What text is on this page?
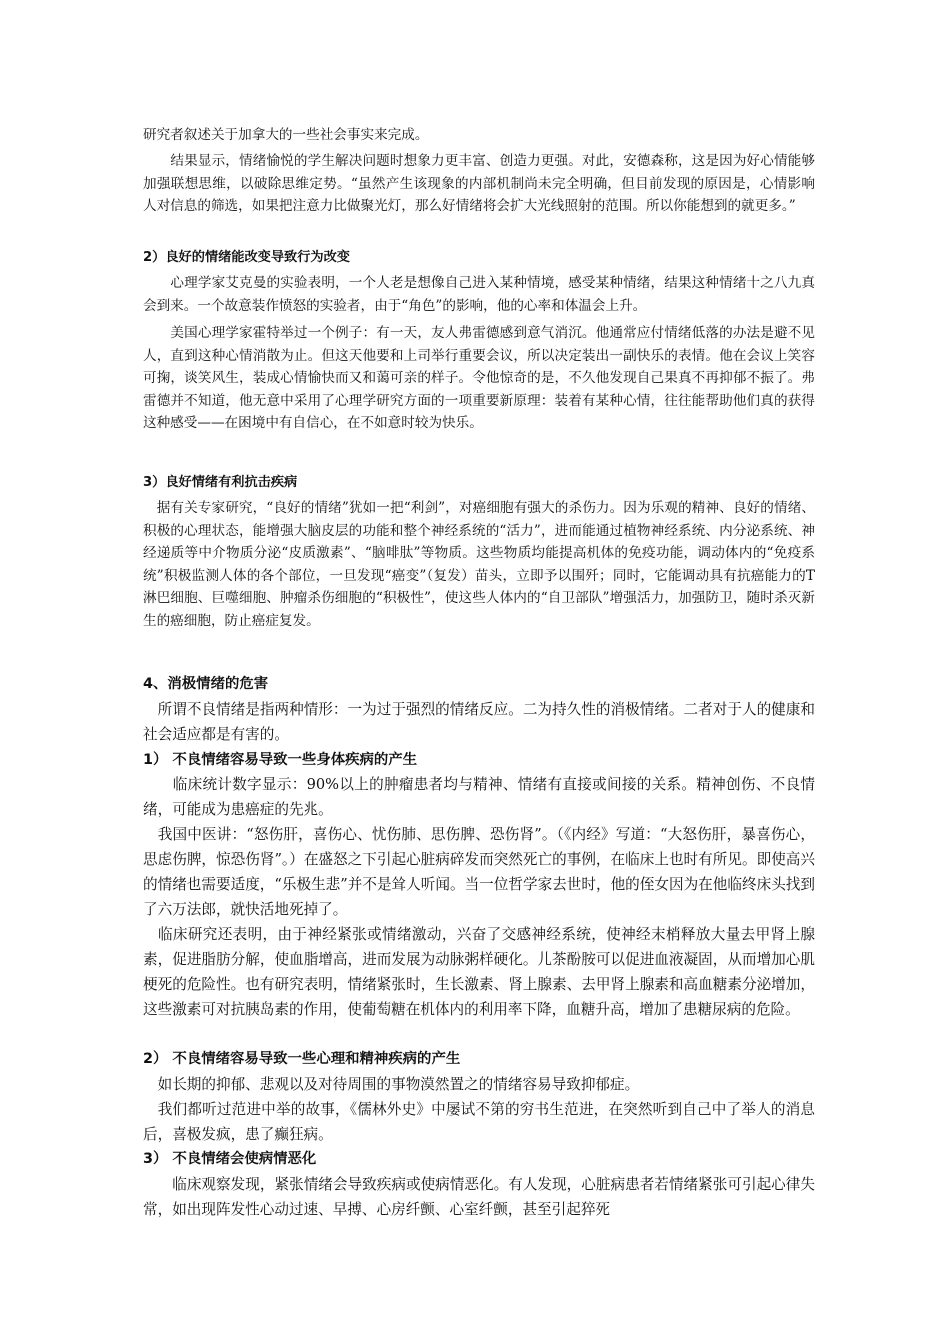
研究者叙述关于加拿大的一些社会事实来完成。

　　结果显示，情绪愉悦的学生解决问题时想象力更丰富、创造力更强。对此，安德森称，这是因为好心情能够加强联想思维，以破除思维定势。“虽然产生该现象的内部机制尚未完全明确，但目前发现的原因是，心情影响人对信息的筛选，如果把注意力比做聚光灯，那么好情绪将会扩大光线照射的范围。所以你能想到的就更多。”

2）良好的情绪能改变导致行为改变

　　心理学家艾克曼的实验表明，一个人老是想像自己进入某种情境，感受某种情绪，结果这种情绪十之八九真会到来。一个故意装作愤怒的实验者，由于“角色”的影响，他的心率和体温会上升。

　　美国心理学家霍特举过一个例子：有一天，友人弗雷德感到意气消沉。他通常应付情绪低落的办法是避不见人，直到这种心情消散为止。但这天他要和上司举行重要会议，所以决定装出一副快乐的表情。他在会议上笑容可掬，谈笑风生，装成心情愉快而又和蔼可亲的样子。令他惊奇的是，不久他发现自己果真不再抑郁不振了。弗雷德并不知道，他无意中采用了心理学研究方面的一项重要新原理：装着有某种心情，往往能帮助他们真的获得这种感受——在困境中有自信心，在不如意时较为快乐。

3）良好情绪有利抗击疾病

　据有关专家研究，“良好的情绪”犹如一把“利剑”，对癌细胞有强大的杀伤力。因为乐观的精神、良好的情绪、积极的心理状态，能增强大脑皮层的功能和整个神经系统的“活力”，进而能通过植物神经系统、内分泌系统、神经递质等中介物质分泌“皮质激素”、“脑啡肽”等物质。这些物质均能提高机体的免疫功能，调动体内的“免疫系统”积极监测人体的各个部位，一旦发现“癌变”（复发）苗头，立即予以围歼；同时，它能调动具有抗癌能力的T淋巴细胞、巨噬细胞、肿瘤杀伤细胞的“积极性”，使这些人体内的“自卫部队”增强活力，加强防卫，随时杀灭新生的癌细胞，防止癌症复发。

4、消极情绪的危害

　所谓不良情绪是指两种情形：一为过于强烈的情绪反应。二为持久性的消极情绪。二者对于人的健康和社会适应都是有害的。

1） 不良情绪容易导致一些身体疾病的产生

　　临床统计数字显示：90%以上的肿瘤患者均与精神、情绪有直接或间接的关系。精神创伤、不良情绪，可能成为患癌症的先兆。

　我国中医讲：“怒伤肝，喜伤心、忧伤肺、思伤脾、恐伤肾”。（《内经》写道：“大怒伤肝，暴喜伤心，思虑伤脾，惊恐伤肾”。）在盛怒之下引起心脏病碎发而突然死亡的事例，在临床上也时有所见。即使高兴的情绪也需要适度，“乐极生悲”并不是耸人听闻。当一位哲学家去世时，他的侄女因为在他临终床头找到了六万法郎，就快活地死掉了。

　临床研究还表明，由于神经紧张或情绪激动，兴奋了交感神经系统，使神经末梢释放大量去甲肾上腺素，促进脂肪分解，使血脂增高，进而发展为动脉粥样硬化。儿茶酚胺可以促进血液凝固，从而增加心肌梗死的危险性。也有研究表明，情绪紧张时，生长激素、肾上腺素、去甲肾上腺素和高血糖素分泌增加，这些激素可对抗胰岛素的作用，使葡萄糖在机体内的利用率下降，血糖升高，增加了患糖尿病的危险。

2） 不良情绪容易导致一些心理和精神疾病的产生

　如长期的抑郁、悲观以及对待周围的事物漠然置之的情绪容易导致抑郁症。

　我们都听过范进中举的故事，《儒林外史》中屡试不第的穷书生范进，在突然听到自己中了举人的消息后，喜极发疯，患了癫狂病。

3） 不良情绪会使病情恶化

　　临床观察发现，紧张情绪会导致疾病或使病情恶化。有人发现，心脏病患者若情绪紧张可引起心律失常，如出现阵发性心动过速、早搏、心房纤颤、心室纤颤，甚至引起猝死
